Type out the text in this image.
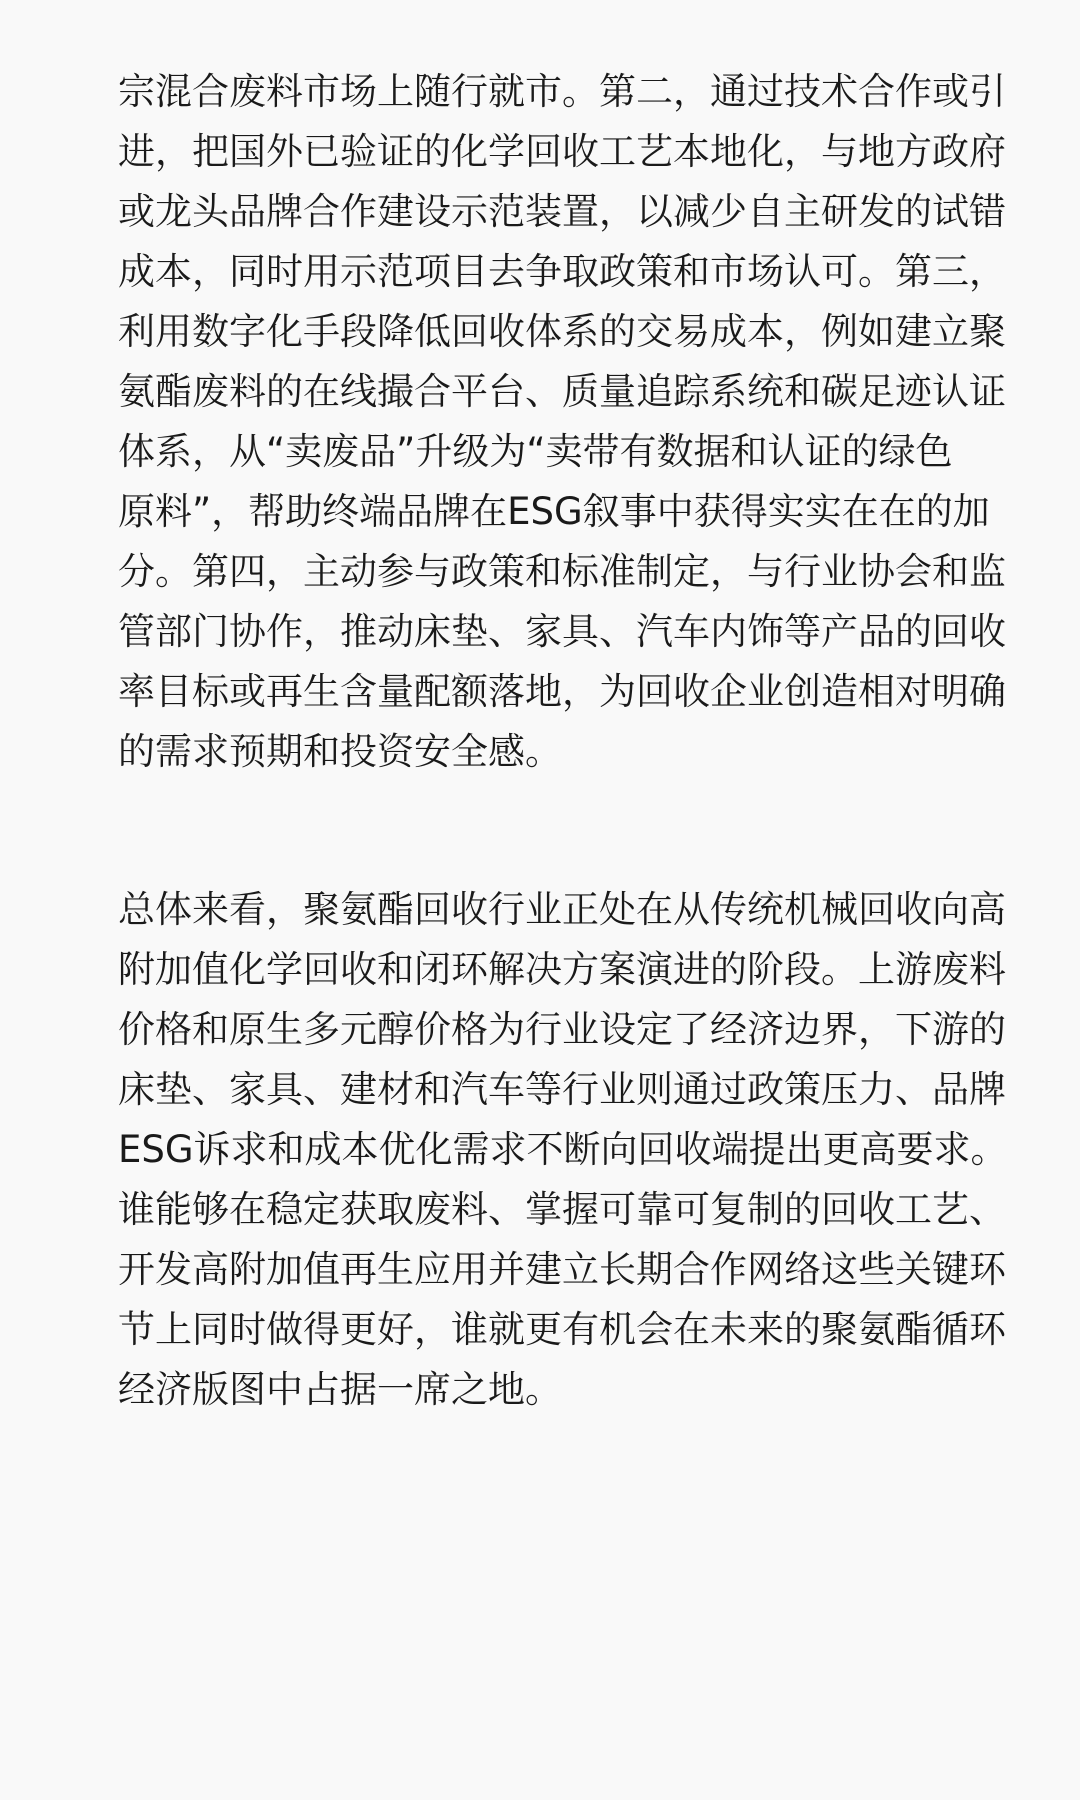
宗混合废料市场上随行就市。第二，通过技术合作或引
进，把国外已验证的化学回收工艺本地化，与地方政府
或龙头品牌合作建设示范装置，以减少自主研发的试错
成本，同时用示范项目去争取政策和市场认可。第三，
利用数字化手段降低回收体系的交易成本，例如建立聚
氨酯废料的在线撮合平台、质量追踪系统和碳足迹认证
体系，从“卖废品”升级为“卖带有数据和认证的绿色
原料”，帮助终端品牌在ESG叙事中获得实实在在的加
分。第四，主动参与政策和标准制定，与行业协会和监
管部门协作，推动床垫、家具、汽车内饰等产品的回收
率目标或再生含量配额落地，为回收企业创造相对明确
的需求预期和投资安全感。
总体来看，聚氨酯回收行业正处在从传统机械回收向高
附加值化学回收和闭环解决方案演进的阶段。上游废料
价格和原生多元醇价格为行业设定了经济边界，下游的
床垫、家具、建材和汽车等行业则通过政策压力、品牌
ESG诉求和成本优化需求不断向回收端提出更高要求。
谁能够在稳定获取废料、掌握可靠可复制的回收工艺、
开发高附加值再生应用并建立长期合作网络这些关键环
节上同时做得更好，谁就更有机会在未来的聚氨酯循环
经济版图中占据一席之地。
